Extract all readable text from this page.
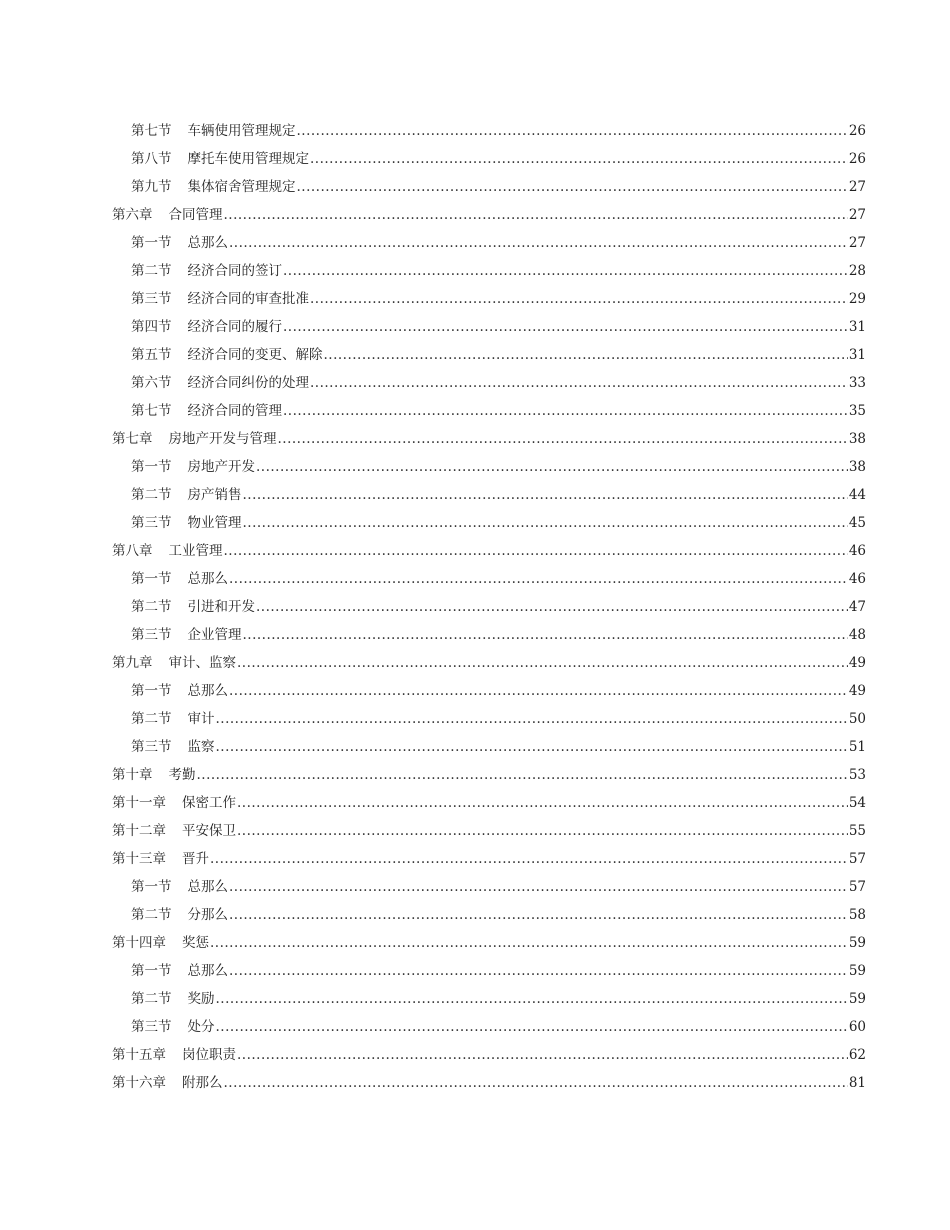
第七节 车辆使用管理规定 .....	26
第八节 摩托车使用管理规定 .....	26
第九节 集体宿舍管理规定 .....	27
第六章 合同管理 .....	27
第一节 总那么 .....	27
第二节 经济合同的签订 .....	28
第三节 经济合同的审查批准 .....	29
第四节 经济合同的履行 .....	31
第五节 经济合同的变更、解除 .....	31
第六节 经济合同纠份的处理 .....	33
第七节 经济合同的管理 .....	35
第七章 房地产开发与管理 .....	38
第一节 房地产开发 .....	38
第二节 房产销售 .....	44
第三节 物业管理 .....	45
第八章 工业管理 .....	46
第一节 总那么 .....	46
第二节 引进和开发 .....	47
第三节 企业管理 .....	48
第九章 审计、监察 .....	49
第一节 总那么 .....	49
第二节 审计 .....	50
第三节 监察 .....	51
第十章 考勤 .....	53
第十一章 保密工作 .....	54
第十二章 平安保卫 .....	55
第十三章 晋升 .....	57
第一节 总那么 .....	57
第二节 分那么 .....	58
第十四章 奖惩 .....	59
第一节 总那么 .....	59
第二节 奖励 .....	59
第三节 处分 .....	60
第十五章 岗位职责 .....	62
第十六章 附那么 .....	81
